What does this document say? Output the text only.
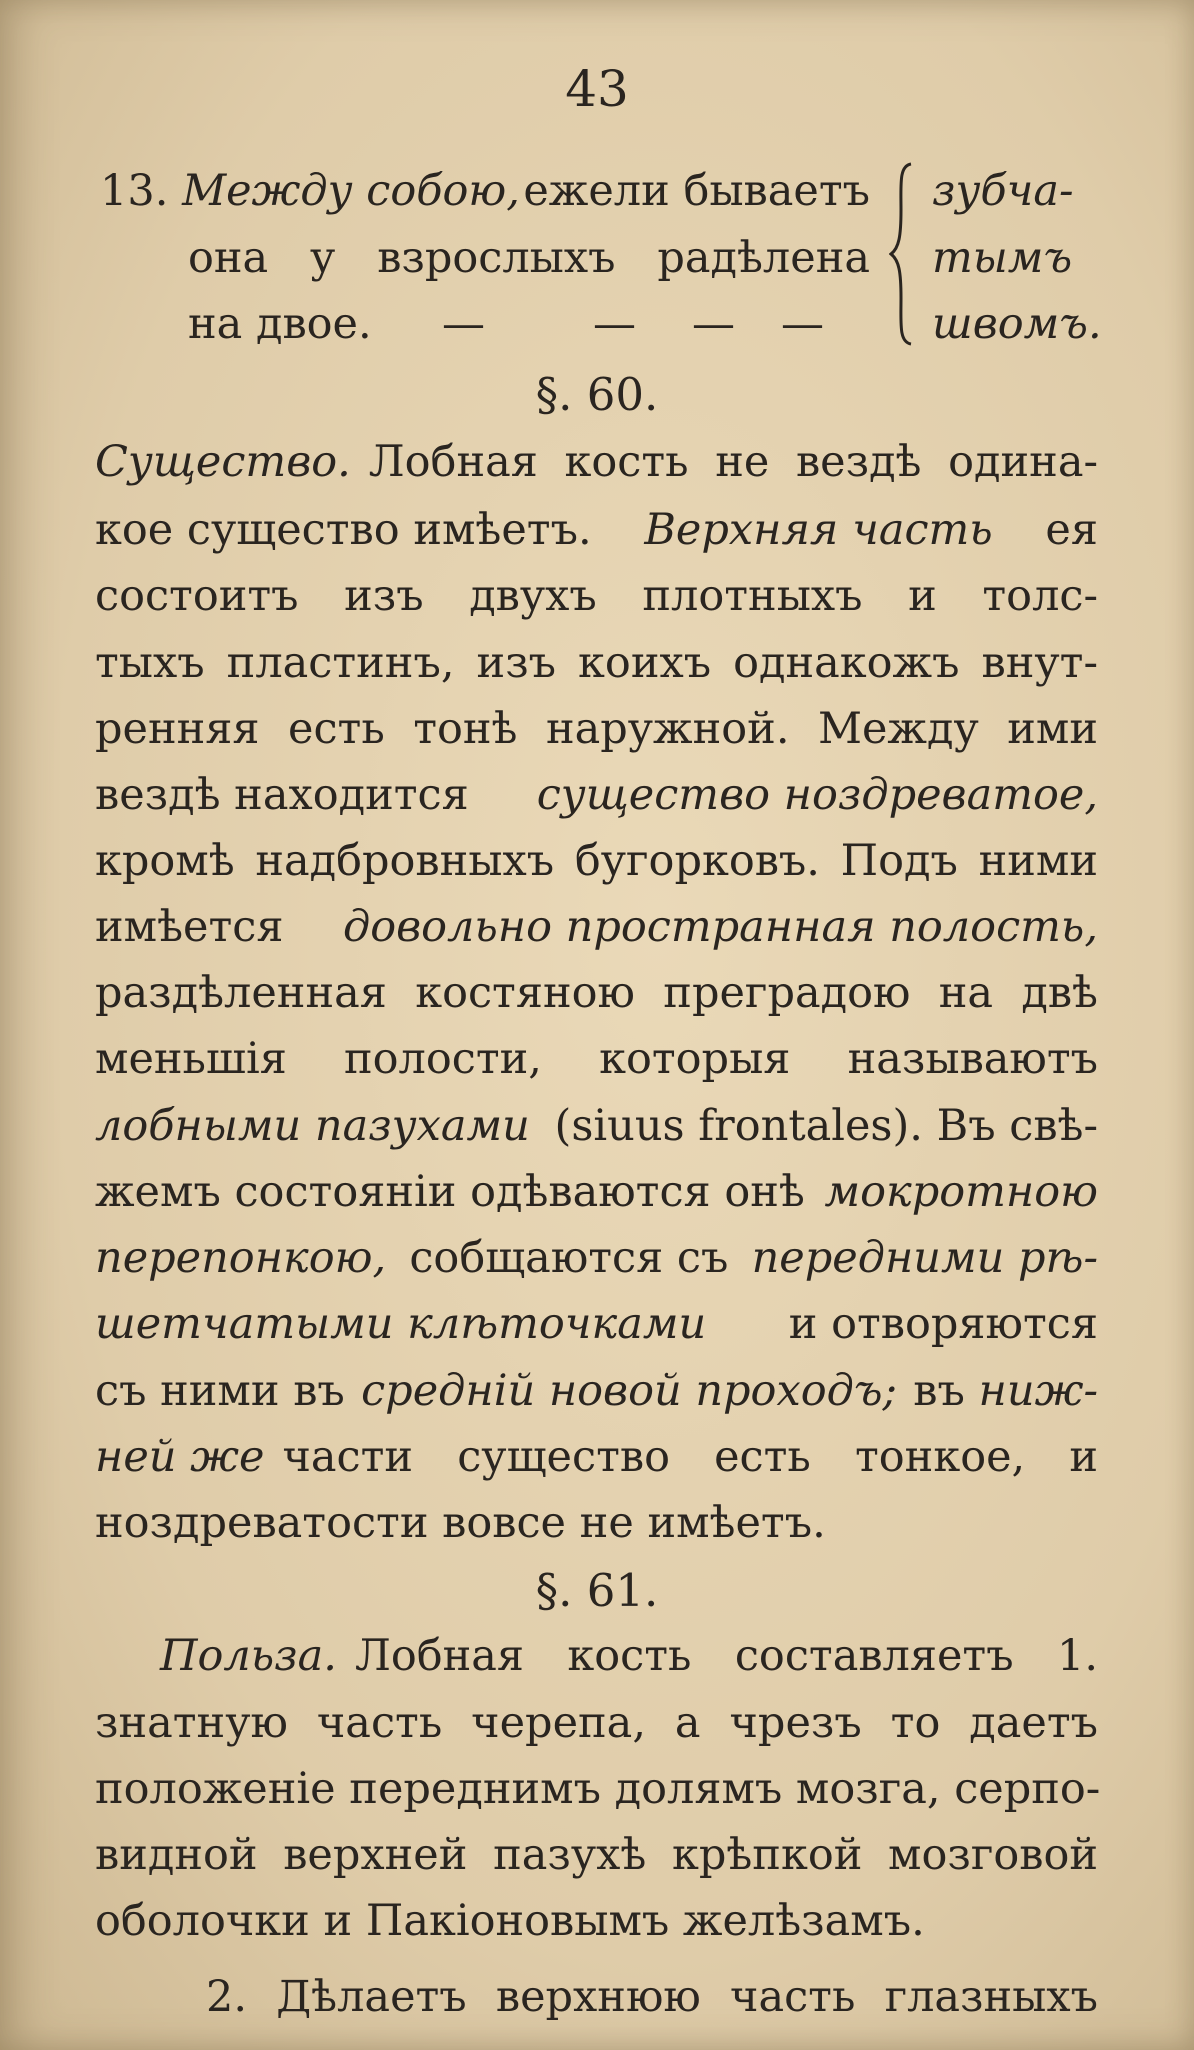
43
13. Между собою, ежели бываетъ
она у взрослыхъ радѣлена
на двое. —	— — —
зубча-
тымъ
швомъ.
§. 60.
Существо. Лобная кость не вездѣ одина-
кое существо имѣетъ. Верхняя часть ея
состоитъ изъ двухъ плотныхъ и толс-
тыхъ пластинъ, изъ коихъ однакожъ внут-
ренняя есть тонѣ наружной. Между ими
вездѣ находится существо ноздреватое,
кромѣ надбровныхъ бугорковъ. Подъ ними
имѣется довольно пространная полость,
раздѣленная костяною преградою на двѣ
меньшія полости, которыя называютъ
лобными пазухами (siuus frontales). Въ свѣ-
жемъ состояніи одѣваются онѣ мокротною
перепонкою, собщаются съ передними рѣ-
шетчатыми клѣточками и отворяются
съ ними въ средній новой проходъ; въ ниж-
ней же части существо есть тонкое, и
ноздреватости вовсе не имѣетъ.
§. 61.
Польза. Лобная кость составляетъ 1.
знатную часть черепа, а чрезъ то даетъ
положеніе переднимъ долямъ мозга, серпо-
видной верхней пазухѣ крѣпкой мозговой
оболочки и Пакіоновымъ желѣзамъ.
2. Дѣлаетъ верхнюю часть глазныхъ
